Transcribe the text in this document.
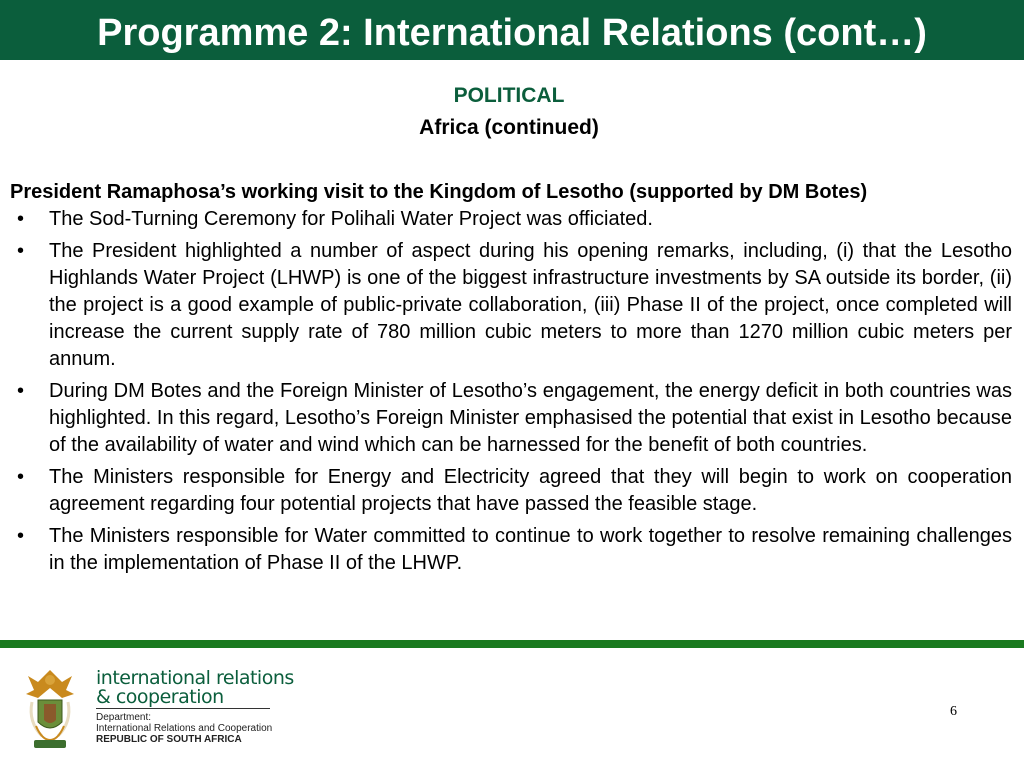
Programme 2: International Relations (cont…)
POLITICAL
Africa (continued)
President Ramaphosa’s working visit to the Kingdom of Lesotho (supported by DM Botes)
• The Sod-Turning Ceremony for Polihali Water Project was officiated.
• The President highlighted a number of aspect during his opening remarks, including, (i) that the Lesotho Highlands Water Project (LHWP) is one of the biggest infrastructure investments by SA outside its border, (ii) the project is a good example of public-private collaboration, (iii) Phase II of the project, once completed will increase the current supply rate of 780 million cubic meters to more than 1270 million cubic meters per annum.
• During DM Botes and the Foreign Minister of Lesotho’s engagement, the energy deficit in both countries was highlighted. In this regard, Lesotho’s Foreign Minister emphasised the potential that exist in Lesotho because of the availability of water and wind which can be harnessed for the benefit of both countries.
• The Ministers responsible for Energy and Electricity agreed that they will begin to work on cooperation agreement regarding four potential projects that have passed the feasible stage.
• The Ministers responsible for Water committed to continue to work together to resolve remaining challenges in the implementation of Phase II of the LHWP.
international relations
& cooperation
Department:
International Relations and Cooperation
REPUBLIC OF SOUTH AFRICA
6
